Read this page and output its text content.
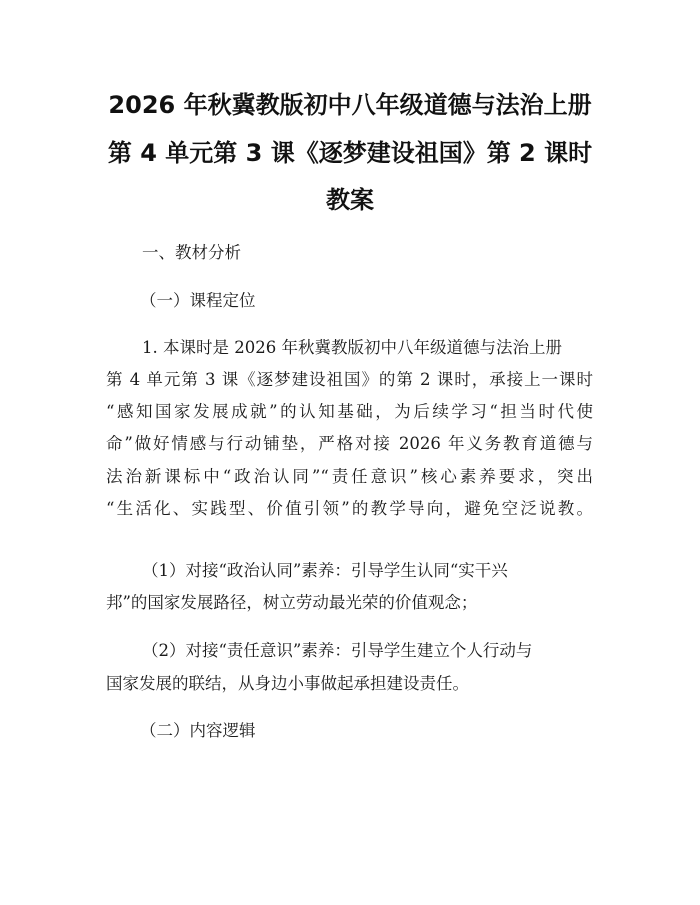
2026 年秋冀教版初中八年级道德与法治上册
第 4 单元第 3 课《逐梦建设祖国》第 2 课时
教案
一、教材分析
（一）课程定位
1. 本课时是 2026 年秋冀教版初中八年级道德与法治上册
第 4 单元第 3 课《逐梦建设祖国》的第 2 课时，承接上一课时
“感知国家发展成就”的认知基础，为后续学习“担当时代使
命”做好情感与行动铺垫，严格对接 2026 年义务教育道德与
法治新课标中“政治认同”“责任意识”核心素养要求，突出
“生活化、实践型、价值引领”的教学导向，避免空泛说教。
（1）对接“政治认同”素养：引导学生认同“实干兴
邦”的国家发展路径，树立劳动最光荣的价值观念；
（2）对接“责任意识”素养：引导学生建立个人行动与
国家发展的联结，从身边小事做起承担建设责任。
（二）内容逻辑
